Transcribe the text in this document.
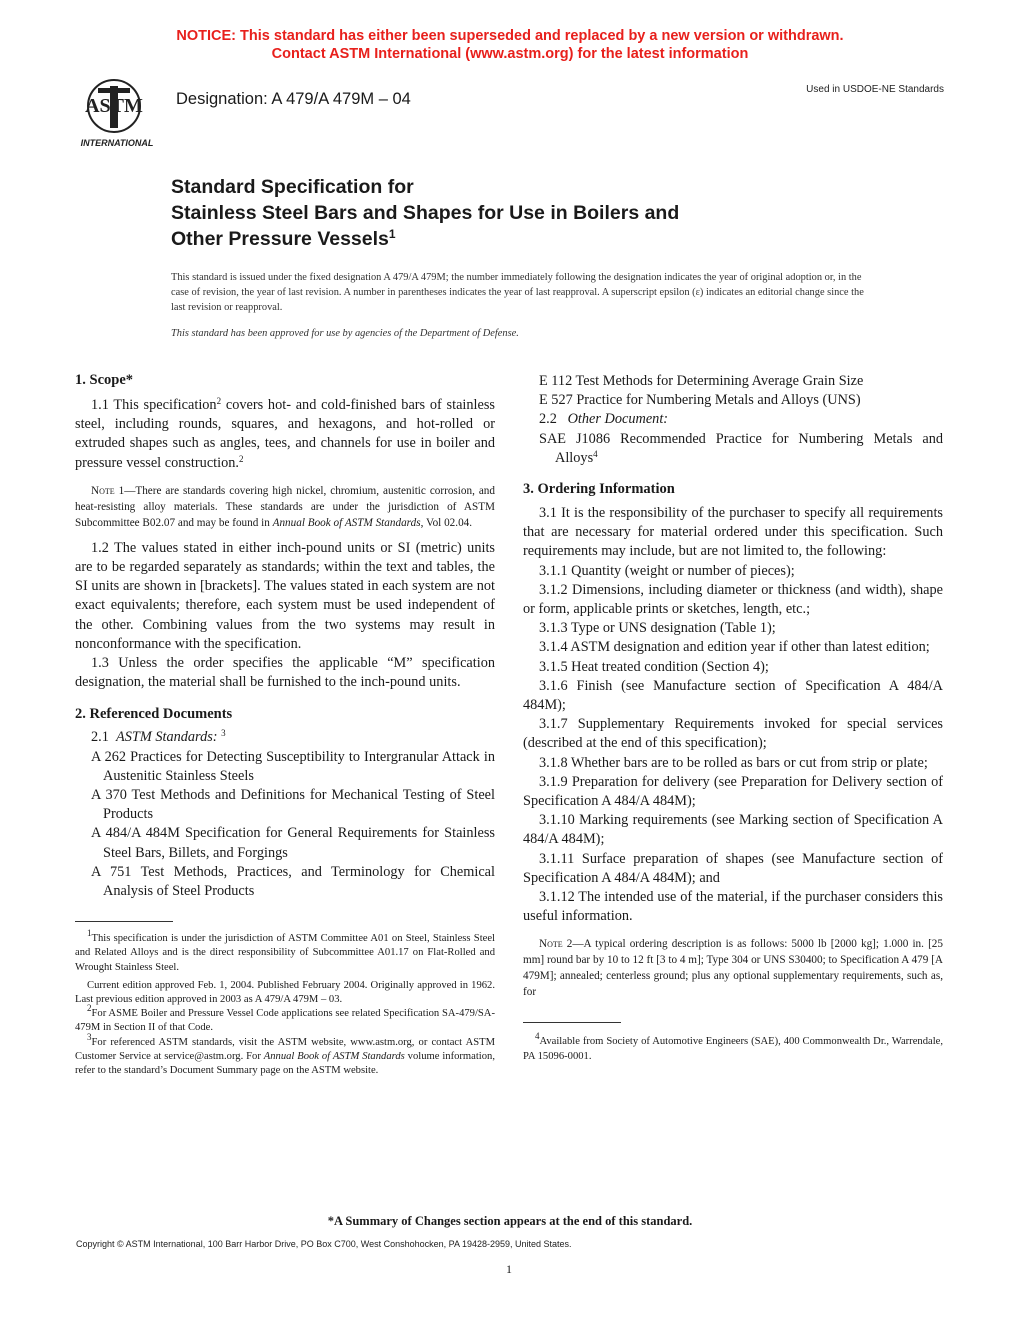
NOTICE: This standard has either been superseded and replaced by a new version or withdrawn.
Contact ASTM International (www.astm.org) for the latest information
ASTM
INTERNATIONAL
Designation: A 479/A 479M – 04
Used in USDOE-NE Standards
Standard Specification for
Stainless Steel Bars and Shapes for Use in Boilers and
Other Pressure Vessels$^1$

This standard is issued under the fixed designation A 479/A 479M; the number immediately following the designation indicates the year of original adoption or, in the case of revision, the year of last revision. A number in parentheses indicates the year of last reapproval. A superscript epsilon (ε) indicates an editorial change since the last revision or reapproval.

This standard has been approved for use by agencies of the Department of Defense.

1. Scope*

1.1 This specification$^2$ covers hot- and cold-finished bars of stainless steel, including rounds, squares, and hexagons, and hot-rolled or extruded shapes such as angles, tees, and channels for use in boiler and pressure vessel construction.$^2$

Note 1—There are standards covering high nickel, chromium, austenitic corrosion, and heat-resisting alloy materials. These standards are under the jurisdiction of ASTM Subcommittee B02.07 and may be found in Annual Book of ASTM Standards, Vol 02.04.

1.2 The values stated in either inch-pound units or SI (metric) units are to be regarded separately as standards; within the text and tables, the SI units are shown in [brackets]. The values stated in each system are not exact equivalents; therefore, each system must be used independent of the other. Combining values from the two systems may result in nonconformance with the specification.

1.3 Unless the order specifies the applicable “M” specification designation, the material shall be furnished to the inch-pound units.

2. Referenced Documents

2.1 ASTM Standards: $^3$

A 262 Practices for Detecting Susceptibility to Intergranular Attack in Austenitic Stainless Steels

A 370 Test Methods and Definitions for Mechanical Testing of Steel Products

A 484/A 484M Specification for General Requirements for Stainless Steel Bars, Billets, and Forgings

A 751 Test Methods, Practices, and Terminology for Chemical Analysis of Steel Products

$^1$This specification is under the jurisdiction of ASTM Committee A01 on Steel, Stainless Steel and Related Alloys and is the direct responsibility of Subcommittee A01.17 on Flat-Rolled and Wrought Stainless Steel.

Current edition approved Feb. 1, 2004. Published February 2004. Originally approved in 1962. Last previous edition approved in 2003 as A 479/A 479M – 03.

$^2$For ASME Boiler and Pressure Vessel Code applications see related Specification SA-479/SA-479M in Section II of that Code.

$^3$For referenced ASTM standards, visit the ASTM website, www.astm.org, or contact ASTM Customer Service at service@astm.org. For Annual Book of ASTM Standards volume information, refer to the standard’s Document Summary page on the ASTM website.

E 112 Test Methods for Determining Average Grain Size

E 527 Practice for Numbering Metals and Alloys (UNS)

2.2 Other Document:

SAE J1086 Recommended Practice for Numbering Metals and Alloys$^4$

3. Ordering Information

3.1 It is the responsibility of the purchaser to specify all requirements that are necessary for material ordered under this specification. Such requirements may include, but are not limited to, the following:

3.1.1 Quantity (weight or number of pieces);

3.1.2 Dimensions, including diameter or thickness (and width), shape or form, applicable prints or sketches, length, etc.;

3.1.3 Type or UNS designation (Table 1);

3.1.4 ASTM designation and edition year if other than latest edition;

3.1.5 Heat treated condition (Section 4);

3.1.6 Finish (see Manufacture section of Specification A 484/A 484M);

3.1.7 Supplementary Requirements invoked for special services (described at the end of this specification);

3.1.8 Whether bars are to be rolled as bars or cut from strip or plate;

3.1.9 Preparation for delivery (see Preparation for Delivery section of Specification A 484/A 484M);

3.1.10 Marking requirements (see Marking section of Specification A 484/A 484M);

3.1.11 Surface preparation of shapes (see Manufacture section of Specification A 484/A 484M); and

3.1.12 The intended use of the material, if the purchaser considers this useful information.

Note 2—A typical ordering description is as follows: 5000 lb [2000 kg]; 1.000 in. [25 mm] round bar by 10 to 12 ft [3 to 4 m]; Type 304 or UNS S30400; to Specification A 479 [A 479M]; annealed; centerless ground; plus any optional supplementary requirements, such as, for

$^4$Available from Society of Automotive Engineers (SAE), 400 Commonwealth Dr., Warrendale, PA 15096-0001.

*A Summary of Changes section appears at the end of this standard.
Copyright © ASTM International, 100 Barr Harbor Drive, PO Box C700, West Conshohocken, PA 19428-2959, United States.
1
